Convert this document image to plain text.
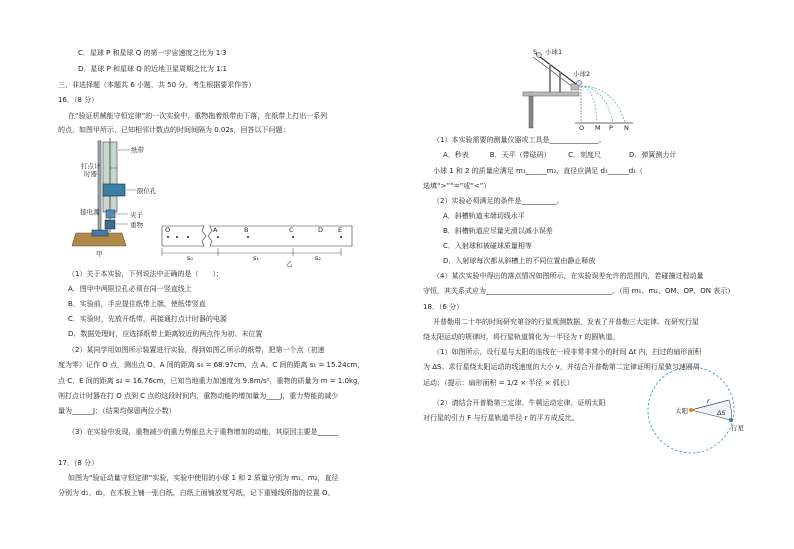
C．星球 P 和星球 Q 的第一宇宙速度之比为 1∶3
D．星球 P 和星球 Q 的近地卫星周期之比为 1∶1
三、非选择题（本题共 6 小题，共 50 分。考生根据要求作答）
16．（8 分）
在“验证机械能守恒定律”的一次实验中，重物拖着纸带由下落，在纸带上打出一系列
的点，如图甲所示，已知相邻计数点的时间间隔为 0.02s，回答以下问题：
纸带
打点计
时器
限位孔
夹子
接电源
重物
甲
O	A	B	C	D E
s₀	s₁	s₂
乙
（1）关于本实验，下列说法中正确的是（　　）；
A．图甲中两限位孔必须在同一竖直线上
B．实验前，手应提住纸带上端，使纸带竖直
C．实验时，先放开纸带，再接通打点计时器的电源
D．数据处理时，应选择纸带上距离较近的两点作为初、末位置
（2）某同学用如图所示装置进行实验，得到如图乙所示的纸带，把第一个点（初速
度为零）记作 O 点，测出点 O、A 间的距离 s₀ = 68.97cm，点 A、C 间的距离 s₁ = 15.24cm，
点 C、E 间的距离 s₂ = 16.76cm，已知当地重力加速度为 9.8m/s²，重物的质量为 m = 1.0kg，
则打点计时器在打 O 点到 C 点的这段时间内，重物动能的增加量为____J，重力势能的减少
量为______J；（结果均保留两位小数）
（3）在实验中发现，重物减少的重力势能总大于重物增加的动能，其原因主要是______
17．（8 分）
如图为“验证动量守恒定律”实验，实验中使用的小球 1 和 2 质量分别为 m₁、m₂，直径
分别为 d₁、d₂，在木板上铺一张白纸，白纸上面铺放复写纸，记下重锤线所指的位置 O。
S 小球1
小球2
O M P N
（1）本实验需要的测量仪器或工具是______________。
A．秒表　　　B．天平（带砝码）　　　C．刻度尺　　　　D．弹簧测力计
小球 1 和 2 的质量应满足 m₁______m₂，直径应满足 d₁______d₁（
选填“>”“=”或“<”）
（2）实验必须满足的条件是__________。
A．斜槽轨道末端切线水平
B．斜槽轨道应尽量光滑以减小误差
C．入射球和被碰球质量相等
D．入射球每次都从斜槽上的不同位置由静止释放
（4）某次实验中得出的落点情况如图所示，在实验误差允许的范围内，若碰撞过程动量
守恒，其关系式应为____________________________________。（用 m₁、m₂、OM、OP、ON 表示）
18．（6 分）
开普勒用二十年的时间研究第谷的行星观测数据，发表了开普勒三大定律。在研究行星
绕太阳运动的规律时，将行星轨道简化为一半径为 r 的圆轨道。
（1）如图所示，设行星与太阳的连线在一段非常非常小的时间 Δt 内，扫过的扇形面积
为 ΔS。求行星绕太阳运动的线速度的大小 v，并结合开普勒第二定律证明行星做匀速圆周
运动；（提示：扇形面积 = 1/2 × 半径 × 弧长）
（2）请结合开普勒第三定律、牛顿运动定律，证明太阳
对行星的引力 F 与行星轨道半径 r 的平方成反比。
太阳
行星
r
ΔS
